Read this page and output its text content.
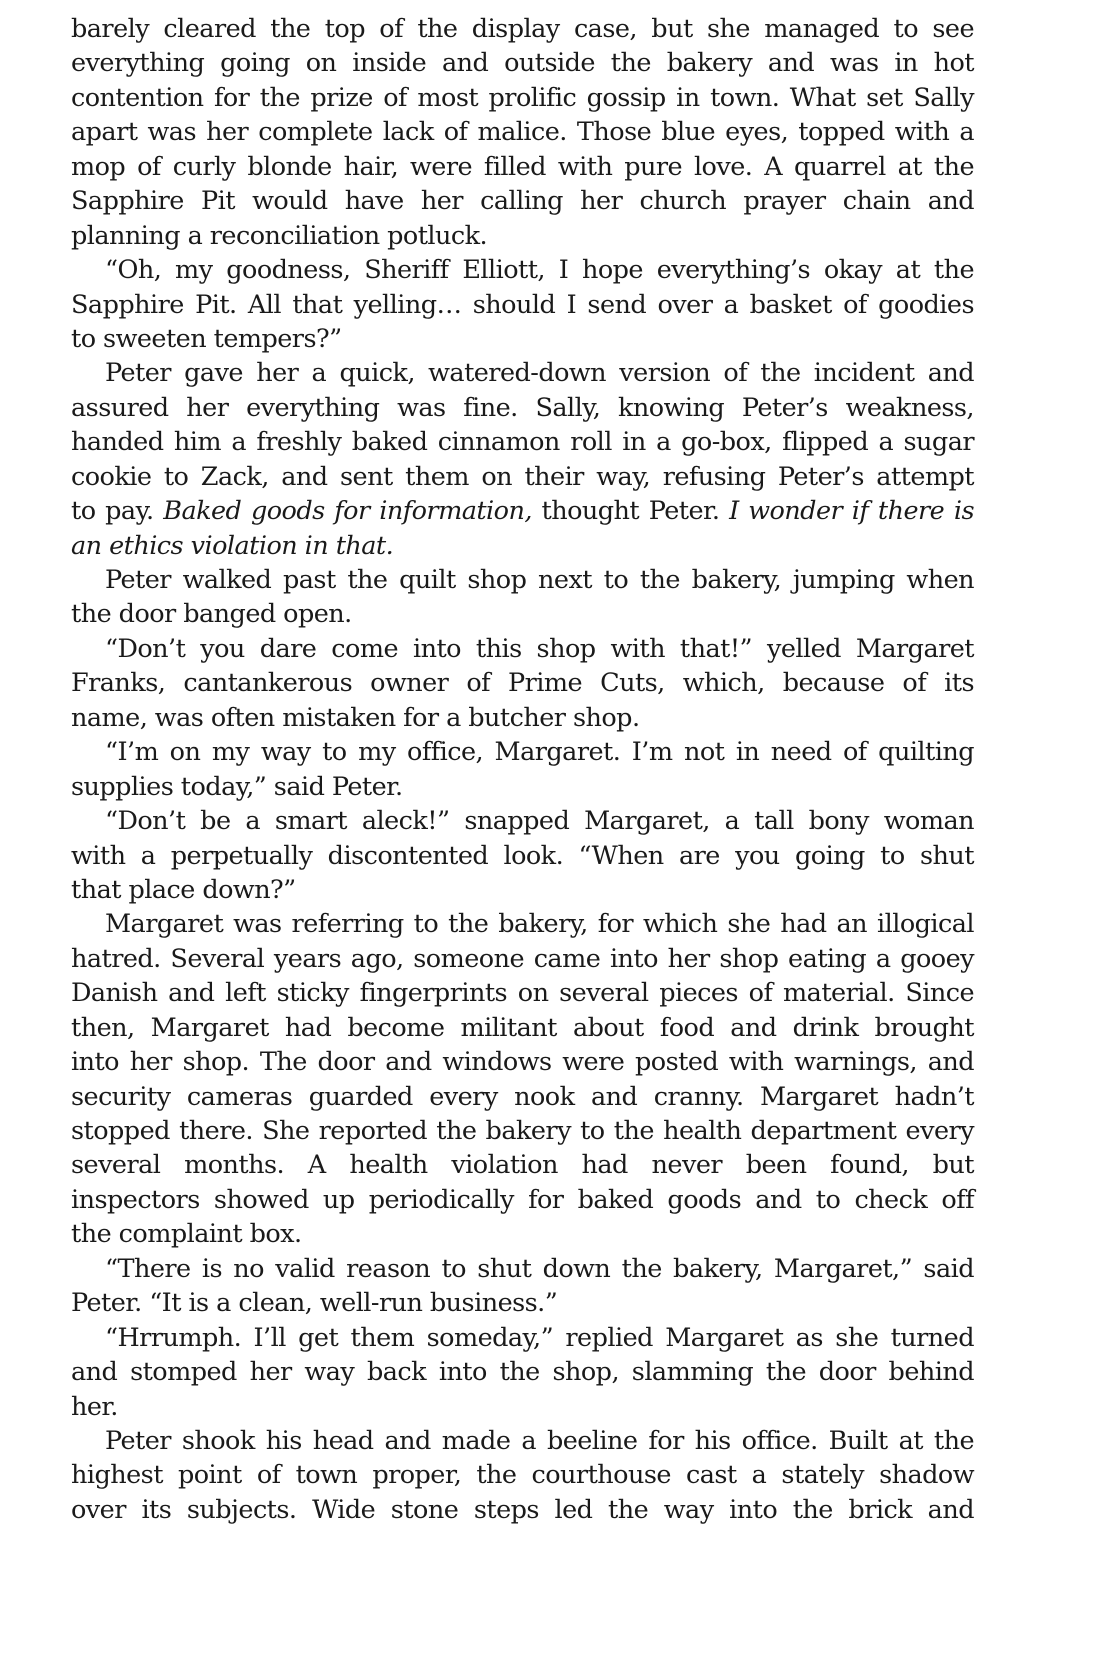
barely cleared the top of the display case, but she managed to see
everything going on inside and outside the bakery and was in hot
contention for the prize of most prolific gossip in town. What set Sally
apart was her complete lack of malice. Those blue eyes, topped with a
mop of curly blonde hair, were filled with pure love. A quarrel at the
Sapphire Pit would have her calling her church prayer chain and
planning a reconciliation potluck.
“Oh, my goodness, Sheriff Elliott, I hope everything’s okay at the
Sapphire Pit. All that yelling… should I send over a basket of goodies
to sweeten tempers?”
Peter gave her a quick, watered-down version of the incident and
assured her everything was fine. Sally, knowing Peter’s weakness,
handed him a freshly baked cinnamon roll in a go-box, flipped a sugar
cookie to Zack, and sent them on their way, refusing Peter’s attempt
to pay. Baked goods for information, thought Peter. I wonder if there is
an ethics violation in that.
Peter walked past the quilt shop next to the bakery, jumping when
the door banged open.
“Don’t you dare come into this shop with that!” yelled Margaret
Franks, cantankerous owner of Prime Cuts, which, because of its
name, was often mistaken for a butcher shop.
“I’m on my way to my office, Margaret. I’m not in need of quilting
supplies today,” said Peter.
“Don’t be a smart aleck!” snapped Margaret, a tall bony woman
with a perpetually discontented look. “When are you going to shut
that place down?”
Margaret was referring to the bakery, for which she had an illogical
hatred. Several years ago, someone came into her shop eating a gooey
Danish and left sticky fingerprints on several pieces of material. Since
then, Margaret had become militant about food and drink brought
into her shop. The door and windows were posted with warnings, and
security cameras guarded every nook and cranny. Margaret hadn’t
stopped there. She reported the bakery to the health department every
several months. A health violation had never been found, but
inspectors showed up periodically for baked goods and to check off
the complaint box.
“There is no valid reason to shut down the bakery, Margaret,” said
Peter. “It is a clean, well-run business.”
“Hrrumph. I’ll get them someday,” replied Margaret as she turned
and stomped her way back into the shop, slamming the door behind
her.
Peter shook his head and made a beeline for his office. Built at the
highest point of town proper, the courthouse cast a stately shadow
over its subjects. Wide stone steps led the way into the brick and
